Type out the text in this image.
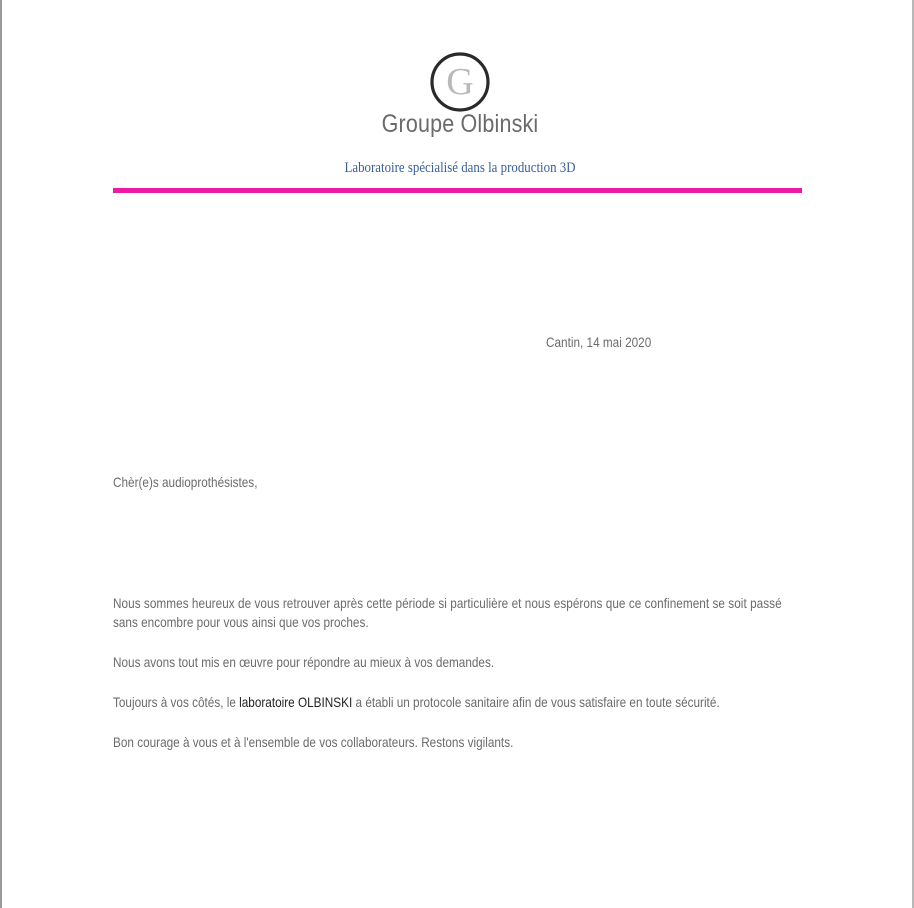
G
Groupe Olbinski
Laboratoire spécialisé dans la production 3D
Cantin, 14 mai 2020
Chèr(e)s audioprothésistes,
Nous sommes heureux de vous retrouver après cette période si particulière et nous espérons que ce confinement se soit passé
sans encombre pour vous ainsi que vos proches.
Nous avons tout mis en œuvre pour répondre au mieux à vos demandes.
Toujours à vos côtés, le laboratoire OLBINSKI a établi un protocole sanitaire afin de vous satisfaire en toute sécurité.
Bon courage à vous et à l'ensemble de vos collaborateurs. Restons vigilants.
